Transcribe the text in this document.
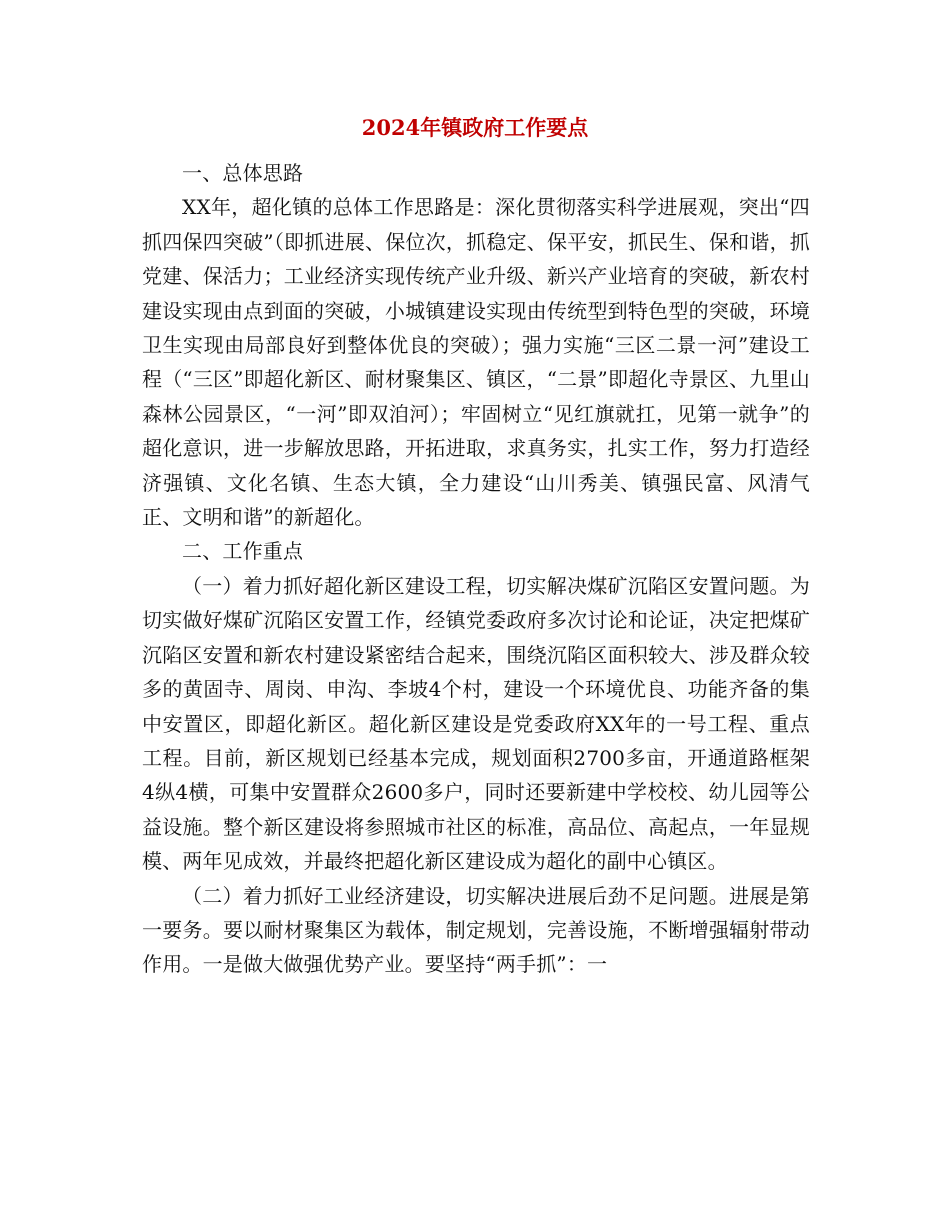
2024年镇政府工作要点

一、总体思路

XX年，超化镇的总体工作思路是：深化贯彻落实科学进展观，突出“四抓四保四突破”（即抓进展、保位次，抓稳定、保平安，抓民生、保和谐，抓党建、保活力；工业经济实现传统产业升级、新兴产业培育的突破，新农村建设实现由点到面的突破，小城镇建设实现由传统型到特色型的突破，环境卫生实现由局部良好到整体优良的突破）；强力实施“三区二景一河”建设工程（“三区”即超化新区、耐材聚集区、镇区，“二景”即超化寺景区、九里山森林公园景区，“一河”即双洎河）；牢固树立“见红旗就扛，见第一就争”的超化意识，进一步解放思路，开拓进取，求真务实，扎实工作，努力打造经济强镇、文化名镇、生态大镇，全力建设“山川秀美、镇强民富、风清气正、文明和谐”的新超化。

二、工作重点

（一）着力抓好超化新区建设工程，切实解决煤矿沉陷区安置问题。为切实做好煤矿沉陷区安置工作，经镇党委政府多次讨论和论证，决定把煤矿沉陷区安置和新农村建设紧密结合起来，围绕沉陷区面积较大、涉及群众较多的黄固寺、周岗、申沟、李坡4个村，建设一个环境优良、功能齐备的集中安置区，即超化新区。超化新区建设是党委政府XX年的一号工程、重点工程。目前，新区规划已经基本完成，规划面积2700多亩，开通道路框架4纵4横，可集中安置群众2600多户，同时还要新建中学校校、幼儿园等公益设施。整个新区建设将参照城市社区的标准，高品位、高起点，一年显规模、两年见成效，并最终把超化新区建设成为超化的副中心镇区。

（二）着力抓好工业经济建设，切实解决进展后劲不足问题。进展是第一要务。要以耐材聚集区为载体，制定规划，完善设施，不断增强辐射带动作用。一是做大做强优势产业。要坚持“两手抓”：一
